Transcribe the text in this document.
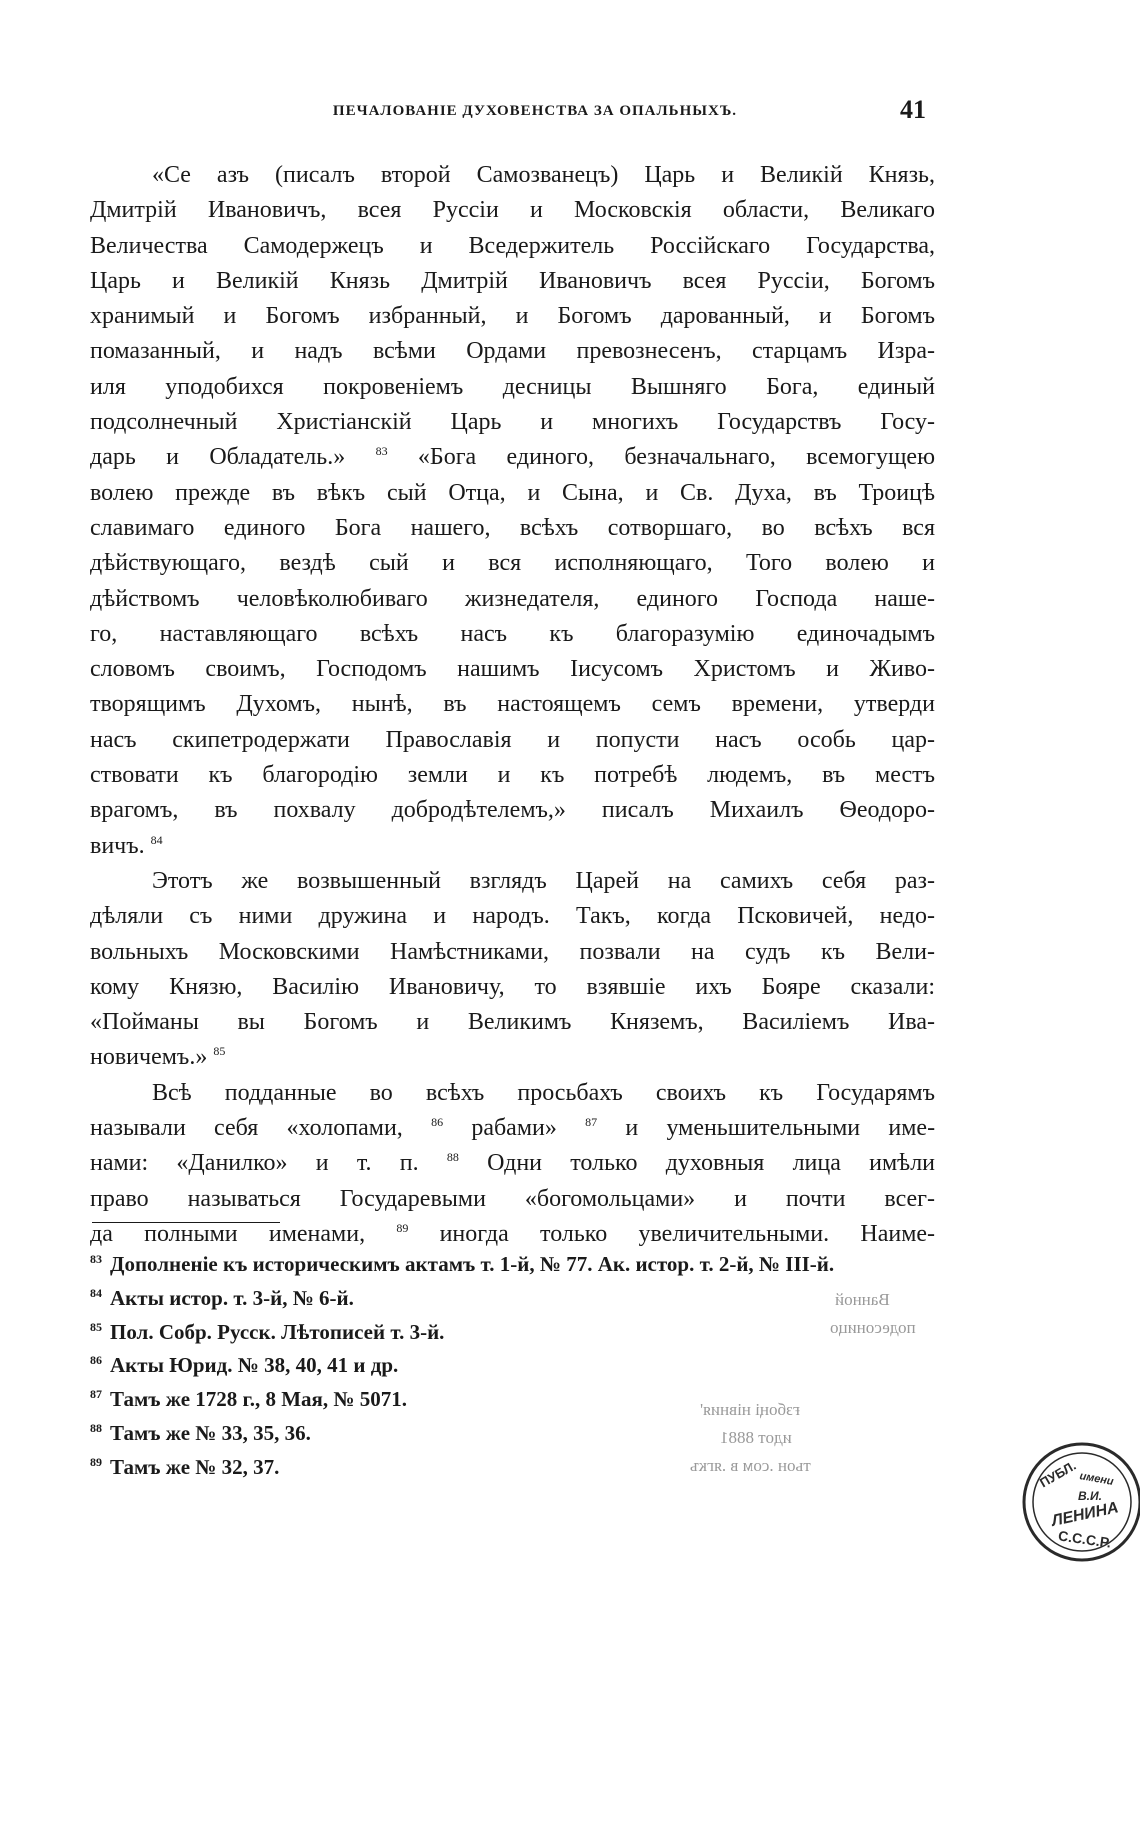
ПЕЧАЛОВАНІЕ ДУХОВЕНСТВА ЗА ОПАЛЬНЫХЪ.	41
«Се азъ (писалъ второй Самозванецъ) Царь и Великій Князь,
Дмитрій Ивановичъ, всея Руссіи и Московскія области, Великаго
Величества Самодержецъ и Вседержитель Россійскаго Государства,
Царь и Великій Князь Дмитрій Ивановичъ всея Руссіи, Богомъ
хранимый и Богомъ избранный, и Богомъ дарованный, и Богомъ
помазанный, и надъ всѣми Ордами превознесенъ, старцамъ Изра-
иля уподобихся покровеніемъ десницы Вышняго Бога, единый
подсолнечный Христіанскій Царь и многихъ Государствъ Госу-
дарь и Обладатель.»	$^{83}$ «Бога единого, безначальнаго, всемогущею
волею прежде въ вѣкъ сый Отца, и Сына, и Св. Духа, въ Троицѣ
славимаго единого Бога нашего, всѣхъ сотворшаго, во всѣхъ вся
дѣйствующаго, вездѣ сый и вся исполняющаго, Того волею и
дѣйствомъ человѣколюбиваго жизнедателя, единого Господа наше-
го, наставляющаго всѣхъ насъ къ благоразумію единочадымъ
словомъ своимъ, Господомъ нашимъ Іисусомъ Христомъ и Живо-
творящимъ Духомъ, нынѣ, въ настоящемъ семъ времени, утверди
насъ скипетродержати Православія и попусти насъ особь цар-
ствовати къ благородію земли и къ потребѣ людемъ, въ местъ
врагомъ, въ похвалу добродѣтелемъ,» писалъ Михаилъ Ѳеодоро-
вичъ. $^{84}$
Этотъ же возвышенный взглядъ Царей на самихъ себя раз-
дѣляли съ ними дружина и народъ. Такъ, когда Псковичей, недо-
вольныхъ Московскими Намѣстниками, позвали на судъ къ Вели-
кому Князю, Василію Ивановичу, то взявшіе ихъ Бояре сказали:
«Пойманы вы Богомъ и Великимъ Княземъ, Василіемъ Ива-
новичемъ.» $^{85}$
Всѣ подданные во всѣхъ просьбахъ своихъ къ Государямъ
называли себя «холопами, $^{86}$ рабами» $^{87}$ и уменьшительными име-
нами: «Данилко» и т. п. $^{88}$ Одни только духовныя лица имѣли
право называться Государевыми «богомольцами» и почти всег-
да полными именами,	$^{89}$ иногда только увеличительными. Наиме-
$^{83}$ Дополненіе къ историческимъ актамъ т. 1-й, № 77. Ак. истор. т. 2-й, № III-й.
$^{84}$ Акты истор. т. 3-й, № 6-й.
$^{85}$ Пол. Собр. Русск. Лѣтописей т. 3-й.
$^{86}$ Акты Юрид. № 38, 40, 41 и др.
$^{87}$ Тамъ же 1728 г., 8 Мая, № 5071.
$^{88}$ Тамъ же № 33, 35, 36.
$^{89}$ Тамъ же № 32, 37.
Ванной
подесоницо
ғзбоңі нівния'
идот 8881
тьон .coм в .ягкъ	ПУБЛ. имени
В.И.
ЛЕНИНА
С.С.С.Р.
